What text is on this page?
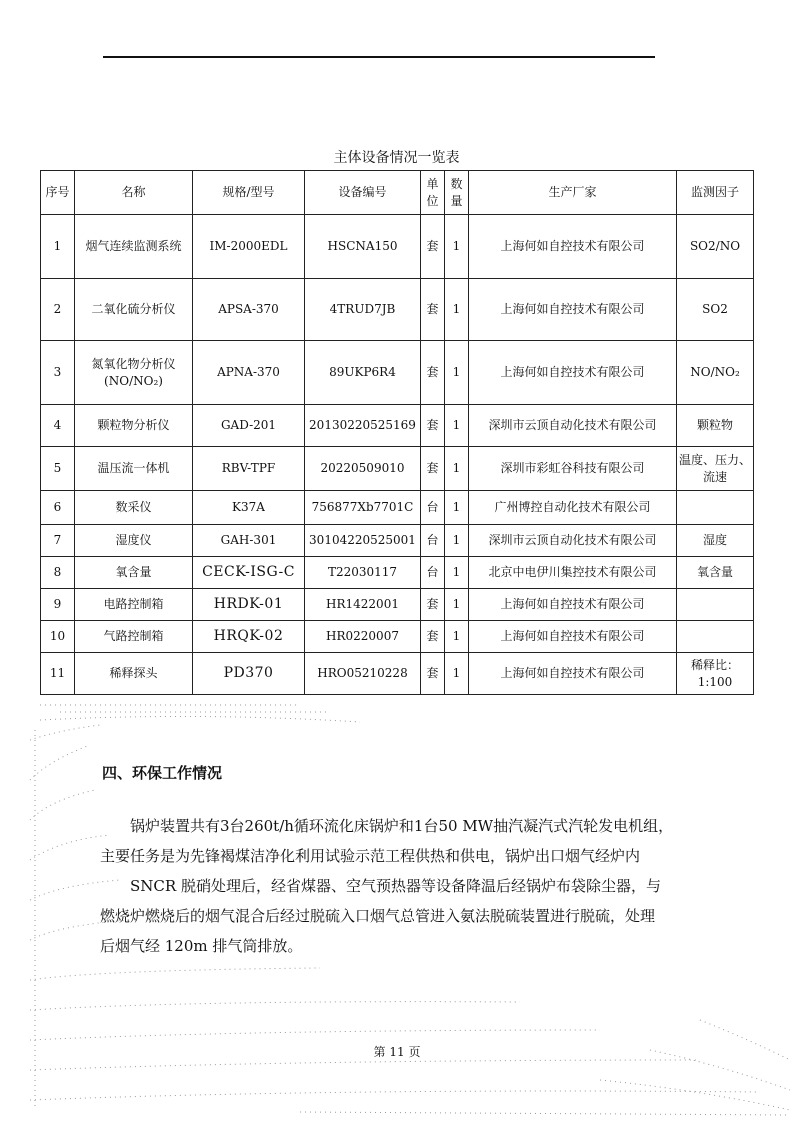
主体设备情况一览表
序号	名称	规格/型号	设备编号	单位	数量	生产厂家	监测因子
1	烟气连续监测系统	IM-2000EDL	HSCNA150	套	1	上海何如自控技术有限公司	SO2/NO
2	二氧化硫分析仪	APSA-370	4TRUD7JB	套	1	上海何如自控技术有限公司	SO2
3	氮氧化物分析仪 (NO/NO₂)	APNA-370	89UKP6R4	套	1	上海何如自控技术有限公司	NO/NO₂
4	颗粒物分析仪	GAD-201	20130220525169	套	1	深圳市云顶自动化技术有限公司	颗粒物
5	温压流一体机	RBV-TPF	20220509010	套	1	深圳市彩虹谷科技有限公司	温度、压力、流速
6	数采仪	K37A	756877Xb7701C	台	1	广州博控自动化技术有限公司	
7	湿度仪	GAH-301	30104220525001	台	1	深圳市云顶自动化技术有限公司	湿度
8	氧含量	CECK-ISG-C	T22030117	台	1	北京中电伊川集控技术有限公司	氧含量
9	电路控制箱	HRDK-01	HR1422001	套	1	上海何如自控技术有限公司	
10	气路控制箱	HRQK-02	HR0220007	套	1	上海何如自控技术有限公司	
11	稀释探头	PD370	HRO05210228	套	1	上海何如自控技术有限公司	稀释比：1:100
四、环保工作情况
锅炉装置共有3台260t/h循环流化床锅炉和1台50 MW抽汽凝汽式汽轮发电机组，
主要任务是为先锋褐煤洁净化利用试验示范工程供热和供电，锅炉出口烟气经炉内
SNCR 脱硝处理后，经省煤器、空气预热器等设备降温后经锅炉布袋除尘器，与
燃烧炉燃烧后的烟气混合后经过脱硫入口烟气总管进入氨法脱硫装置进行脱硫，处理
后烟气经 120m 排气筒排放。
第 11 页
